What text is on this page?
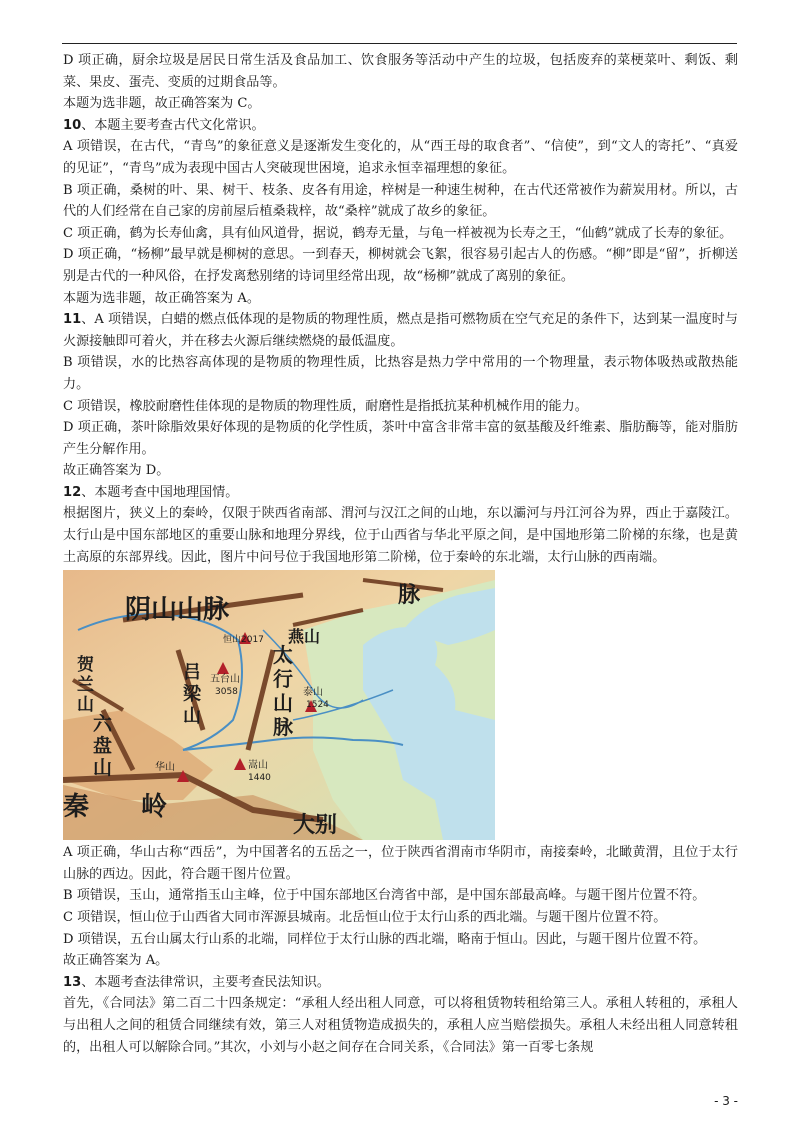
D 项正确，厨余垃圾是居民日常生活及食品加工、饮食服务等活动中产生的垃圾，包括废弃的菜梗菜叶、剩饭、剩菜、果皮、蛋壳、变质的过期食品等。

本题为选非题，故正确答案为 C。

10、本题主要考查古代文化常识。

A 项错误，在古代，“青鸟”的象征意义是逐渐发生变化的，从“西王母的取食者”、“信使”，到“文人的寄托”、“真爱的见证”，“青鸟”成为表现中国古人突破现世困境，追求永恒幸福理想的象征。

B 项正确，桑树的叶、果、树干、枝条、皮各有用途，梓树是一种速生树种，在古代还常被作为薪炭用材。所以，古代的人们经常在自己家的房前屋后植桑栽梓，故“桑梓”就成了故乡的象征。

C 项正确，鹤为长寿仙禽，具有仙风道骨，据说，鹤寿无量，与龟一样被视为长寿之王，“仙鹤”就成了长寿的象征。

D 项正确，“杨柳”最早就是柳树的意思。一到春天，柳树就会飞絮，很容易引起古人的伤感。“柳”即是“留”，折柳送别是古代的一种风俗，在抒发离愁别绪的诗词里经常出现，故“杨柳”就成了离别的象征。

本题为选非题，故正确答案为 A。

11、A 项错误，白蜡的燃点低体现的是物质的物理性质，燃点是指可燃物质在空气充足的条件下，达到某一温度时与火源接触即可着火，并在移去火源后继续燃烧的最低温度。

B 项错误，水的比热容高体现的是物质的物理性质，比热容是热力学中常用的一个物理量，表示物体吸热或散热能力。

C 项错误，橡胶耐磨性佳体现的是物质的物理性质，耐磨性是指抵抗某种机械作用的能力。

D 项正确，茶叶除脂效果好体现的是物质的化学性质，茶叶中富含非常丰富的氨基酸及纤维素、脂肪酶等，能对脂肪产生分解作用。

故正确答案为 D。

12、本题考查中国地理国情。

根据图片，狭义上的秦岭，仅限于陕西省南部、渭河与汉江之间的山地，东以灞河与丹江河谷为界，西止于嘉陵江。太行山是中国东部地区的重要山脉和地理分界线，位于山西省与华北平原之间，是中国地形第二阶梯的东缘，也是黄土高原的东部界线。因此，图片中问号位于我国地形第二阶梯，位于秦岭的东北端，太行山脉的西南端。

阴山山脉
燕山
脉
恒山2017
五台山
3058	泰山
1524
华山	嵩山
1440
秦岭
大别
太行山脉
吕梁山
贺兰山
六盘山

A 项正确，华山古称“西岳”，为中国著名的五岳之一，位于陕西省渭南市华阴市，南接秦岭，北瞰黄渭，且位于太行山脉的西边。因此，符合题干图片位置。

B 项错误，玉山，通常指玉山主峰，位于中国东部地区台湾省中部，是中国东部最高峰。与题干图片位置不符。

C 项错误，恒山位于山西省大同市浑源县城南。北岳恒山位于太行山系的西北端。与题干图片位置不符。

D 项错误，五台山属太行山系的北端，同样位于太行山脉的西北端，略南于恒山。因此，与题干图片位置不符。

故正确答案为 A。

13、本题考查法律常识，主要考查民法知识。

首先，《合同法》第二百二十四条规定：“承租人经出租人同意，可以将租赁物转租给第三人。承租人转租的，承租人与出租人之间的租赁合同继续有效，第三人对租赁物造成损失的，承租人应当赔偿损失。承租人未经出租人同意转租的，出租人可以解除合同。”其次，小刘与小赵之间存在合同关系，《合同法》第一百零七条规

- 3 -
